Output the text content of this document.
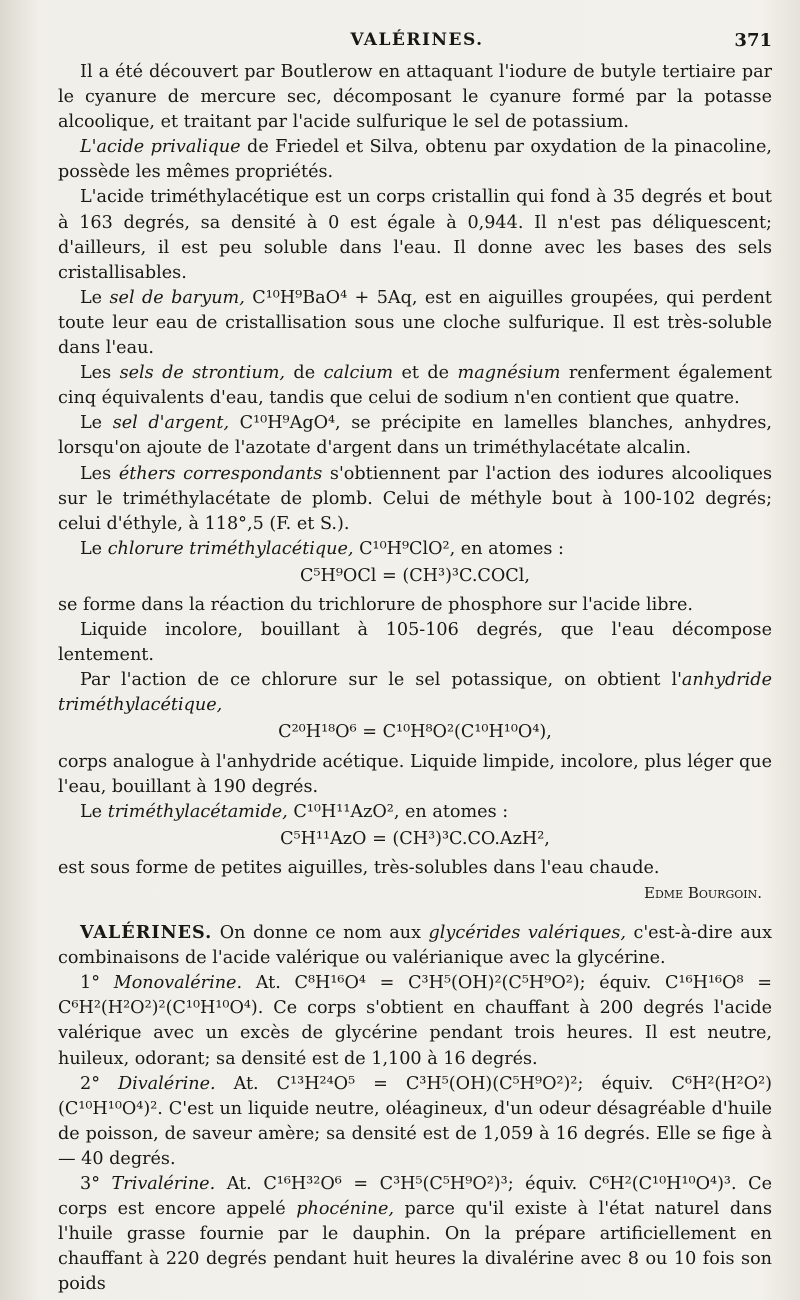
VALÉRINES.	371

Il a été découvert par Boutlerow en attaquant l'iodure de butyle tertiaire par le cyanure de mercure sec, décomposant le cyanure formé par la potasse alcoolique, et traitant par l'acide sulfurique le sel de potassium.

L'acide privalique de Friedel et Silva, obtenu par oxydation de la pinacoline, possède les mêmes propriétés.

L'acide triméthylacétique est un corps cristallin qui fond à 35 degrés et bout à 163 degrés, sa densité à 0 est égale à 0,944. Il n'est pas déliquescent; d'ailleurs, il est peu soluble dans l'eau. Il donne avec les bases des sels cristallisables.

Le sel de baryum, C¹⁰H⁹BaO⁴ + 5Aq, est en aiguilles groupées, qui perdent toute leur eau de cristallisation sous une cloche sulfurique. Il est très-soluble dans l'eau.

Les sels de strontium, de calcium et de magnésium renferment également cinq équivalents d'eau, tandis que celui de sodium n'en contient que quatre.

Le sel d'argent, C¹⁰H⁹AgO⁴, se précipite en lamelles blanches, anhydres, lorsqu'on ajoute de l'azotate d'argent dans un triméthylacétate alcalin.

Les éthers correspondants s'obtiennent par l'action des iodures alcooliques sur le triméthylacétate de plomb. Celui de méthyle bout à 100-102 degrés; celui d'éthyle, à 118°,5 (F. et S.).

Le chlorure triméthylacétique, C¹⁰H⁹ClO², en atomes :

C⁵H⁹OCl = (CH³)³C.COCl,

se forme dans la réaction du trichlorure de phosphore sur l'acide libre.

Liquide incolore, bouillant à 105-106 degrés, que l'eau décompose lentement.

Par l'action de ce chlorure sur le sel potassique, on obtient l'anhydride triméthylacétique,

C²⁰H¹⁸O⁶ = C¹⁰H⁸O²(C¹⁰H¹⁰O⁴),

corps analogue à l'anhydride acétique. Liquide limpide, incolore, plus léger que l'eau, bouillant à 190 degrés.

Le triméthylacétamide, C¹⁰H¹¹AzO², en atomes :

C⁵H¹¹AzO = (CH³)³C.CO.AzH²,

est sous forme de petites aiguilles, très-solubles dans l'eau chaude.

Edme Bourgoin.

VALÉRINES. On donne ce nom aux glycérides valériques, c'est-à-dire aux combinaisons de l'acide valérique ou valérianique avec la glycérine.

1° Monovalérine. At. C⁸H¹⁶O⁴ = C³H⁵(OH)²(C⁵H⁹O²); équiv. C¹⁶H¹⁶O⁸ = C⁶H²(H²O²)²(C¹⁰H¹⁰O⁴). Ce corps s'obtient en chauffant à 200 degrés l'acide valérique avec un excès de glycérine pendant trois heures. Il est neutre, huileux, odorant; sa densité est de 1,100 à 16 degrés.

2° Divalérine. At. C¹³H²⁴O⁵ = C³H⁵(OH)(C⁵H⁹O²)²; équiv. C⁶H²(H²O²) (C¹⁰H¹⁰O⁴)². C'est un liquide neutre, oléagineux, d'un odeur désagréable d'huile de poisson, de saveur amère; sa densité est de 1,059 à 16 degrés. Elle se fige à — 40 degrés.

3° Trivalérine. At. C¹⁶H³²O⁶ = C³H⁵(C⁵H⁹O²)³; équiv. C⁶H²(C¹⁰H¹⁰O⁴)³. Ce corps est encore appelé phocénine, parce qu'il existe à l'état naturel dans l'huile grasse fournie par le dauphin. On la prépare artificiellement en chauffant à 220 degrés pendant huit heures la divalérine avec 8 ou 10 fois son poids
